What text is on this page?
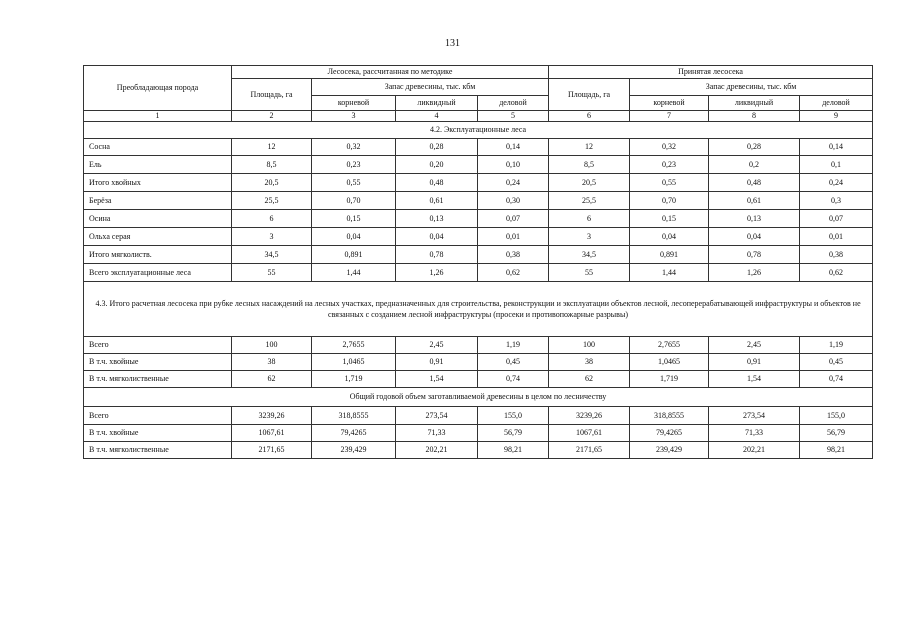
131
Преобладающая порода	Лесосека, рассчитанная по методике				Принятая лесосека			
	Площадь, га	Запас древесины, тыс. кбм			Площадь, га	Запас древесины, тыс. кбм		
		корневой	ликвидный	деловой		корневой	ликвидный	деловой
1	2	3	4	5	6	7	8	9
4.2. Эксплуатационные леса								
Сосна	12	0,32	0,28	0,14	12	0,32	0,28	0,14
Ель	8,5	0,23	0,20	0,10	8,5	0,23	0,2	0,1
Итого хвойных	20,5	0,55	0,48	0,24	20,5	0,55	0,48	0,24
Берёза	25,5	0,70	0,61	0,30	25,5	0,70	0,61	0,3
Осина	6	0,15	0,13	0,07	6	0,15	0,13	0,07
Ольха серая	3	0,04	0,04	0,01	3	0,04	0,04	0,01
Итого мягколиств.	34,5	0,891	0,78	0,38	34,5	0,891	0,78	0,38
Всего эксплуатационные леса	55	1,44	1,26	0,62	55	1,44	1,26	0,62
4.3. Итого расчетная лесосека при рубке лесных насаждений на лесных участках, предназначенных для строительства, реконструкции и эксплуатации объектов лесной, лесоперерабатывающей инфраструктуры и объектов не связанных с созданием лесной инфраструктуры (просеки и противопожарные разрывы)								
Всего	100	2,7655	2,45	1,19	100	2,7655	2,45	1,19
В т.ч. хвойные	38	1,0465	0,91	0,45	38	1,0465	0,91	0,45
В т.ч. мягколиственные	62	1,719	1,54	0,74	62	1,719	1,54	0,74
Общий годовой объем заготавливаемой древесины в целом по лесничеству								
Всего	3239,26	318,8555	273,54	155,0	3239,26	318,8555	273,54	155,0
В т.ч. хвойные	1067,61	79,4265	71,33	56,79	1067,61	79,4265	71,33	56,79
В т.ч. мягколиственные	2171,65	239,429	202,21	98,21	2171,65	239,429	202,21	98,21
